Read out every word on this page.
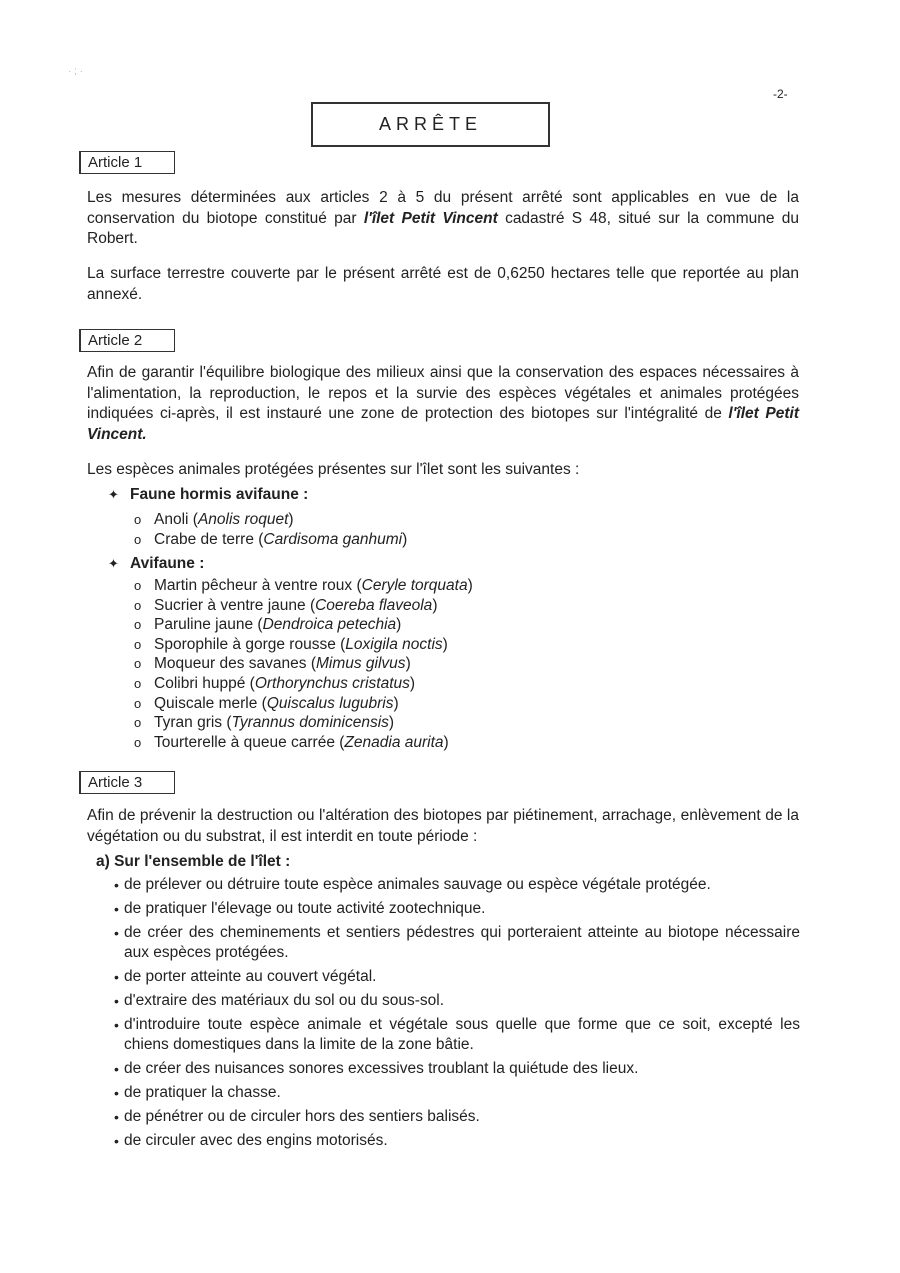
· ; ·
-2-
ARRÊTE
Article 1

Les mesures déterminées aux articles 2 à 5 du présent arrêté sont applicables en vue de la conservation du biotope constitué par l'îlet Petit Vincent cadastré S 48, situé sur la commune du Robert.

La surface terrestre couverte par le présent arrêté est de 0,6250 hectares telle que reportée au plan annexé.

Article 2

Afin de garantir l'équilibre biologique des milieux ainsi que la conservation des espaces nécessaires à l'alimentation, la reproduction, le repos et la survie des espèces végétales et animales protégées indiquées ci-après, il est instauré une zone de protection des biotopes sur l'intégralité de l'îlet Petit Vincent.

Les espèces animales protégées présentes sur l'îlet sont les suivantes :

✦ Faune hormis avifaune :
o Anoli ( Anolis roquet )
o Crabe de terre ( Cardisoma ganhumi )
✦ Avifaune :
o Martin pêcheur à ventre roux ( Ceryle torquata )
o Sucrier à ventre jaune ( Coereba flaveola )
o Paruline jaune ( Dendroica petechia )
o Sporophile à gorge rousse ( Loxigila noctis )
o Moqueur des savanes ( Mimus gilvus )
o Colibri huppé ( Orthorynchus cristatus )
o Quiscale merle ( Quiscalus lugubris )
o Tyran gris ( Tyrannus dominicensis )
o Tourterelle à queue carrée ( Zenadia aurita )
Article 3

Afin de prévenir la destruction ou l'altération des biotopes par piétinement, arrachage, enlèvement de la végétation ou du substrat, il est interdit en toute période :

a) Sur l'ensemble de l'îlet :
• de prélever ou détruire toute espèce animales sauvage ou espèce végétale protégée.
• de pratiquer l'élevage ou toute activité zootechnique.
• de créer des cheminements et sentiers pédestres qui porteraient atteinte au biotope nécessaire aux espèces protégées.
• de porter atteinte au couvert végétal.
• d'extraire des matériaux du sol ou du sous-sol.
• d'introduire toute espèce animale et végétale sous quelle que forme que ce soit, excepté les chiens domestiques dans la limite de la zone bâtie.
• de créer des nuisances sonores excessives troublant la quiétude des lieux.
• de pratiquer la chasse.
• de pénétrer ou de circuler hors des sentiers balisés.
• de circuler avec des engins motorisés.
